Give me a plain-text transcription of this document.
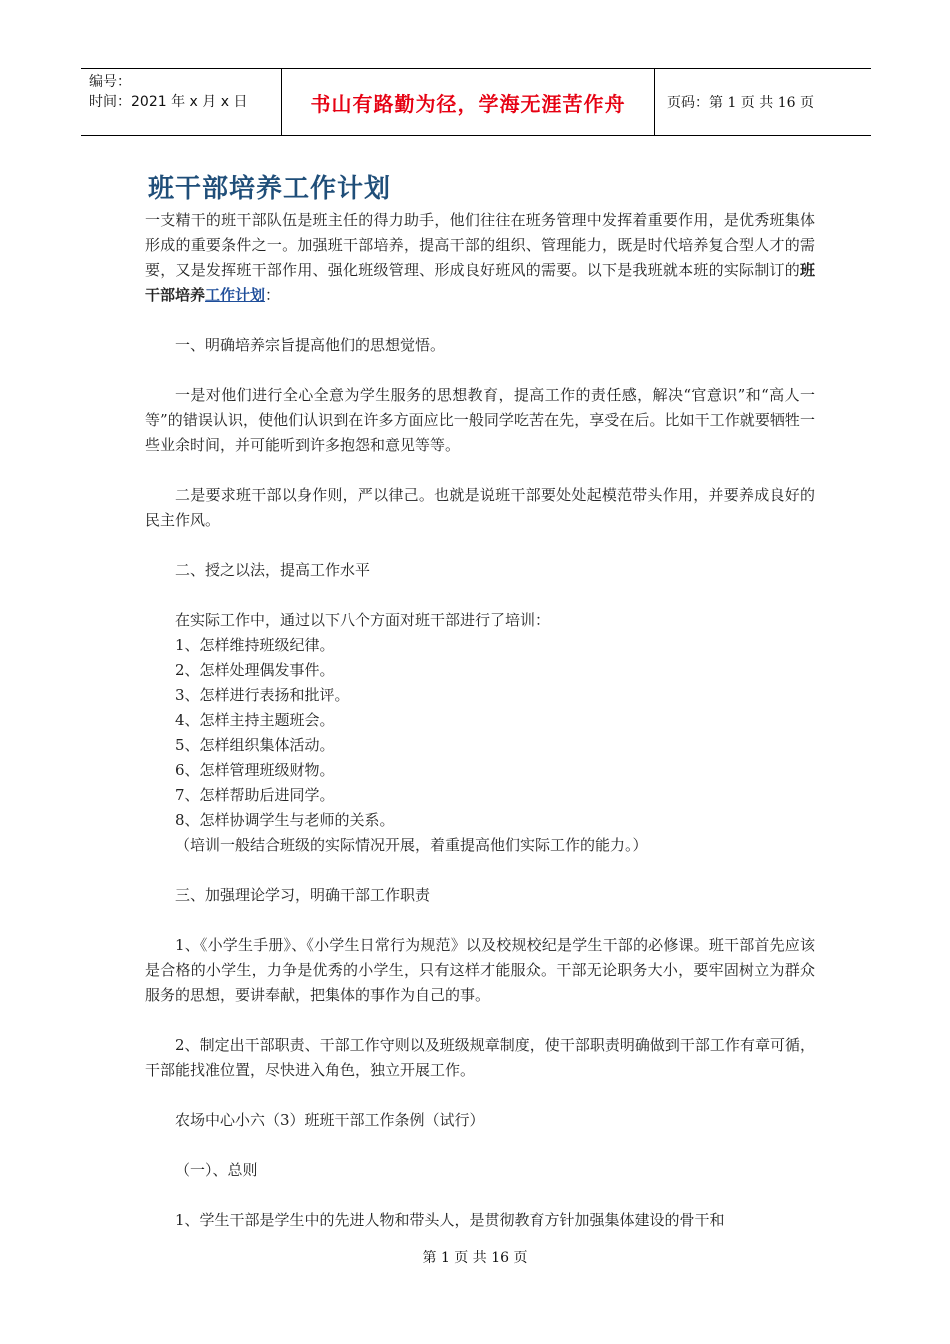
编号：
时间：2021 年 x 月 x 日	书山有路勤为径，学海无涯苦作舟	页码：第 1 页 共 16 页
班干部培养工作计划

一支精干的班干部队伍是班主任的得力助手，他们往往在班务管理中发挥着重要作用，是优秀班集体形成的重要条件之一。加强班干部培养，提高干部的组织、管理能力，既是时代培养复合型人才的需要，又是发挥班干部作用、强化班级管理、形成良好班风的需要。以下是我班就本班的实际制订的班干部培养工作计划：

一、明确培养宗旨提高他们的思想觉悟。

一是对他们进行全心全意为学生服务的思想教育，提高工作的责任感，解决“官意识”和“高人一等”的错误认识，使他们认识到在许多方面应比一般同学吃苦在先，享受在后。比如干工作就要牺牲一些业余时间，并可能听到许多抱怨和意见等等。

二是要求班干部以身作则，严以律己。也就是说班干部要处处起模范带头作用，并要养成良好的民主作风。

二、授之以法，提高工作水平

在实际工作中，通过以下八个方面对班干部进行了培训：

1、怎样维持班级纪律。

2、怎样处理偶发事件。

3、怎样进行表扬和批评。

4、怎样主持主题班会。

5、怎样组织集体活动。

6、怎样管理班级财物。

7、怎样帮助后进同学。

8、怎样协调学生与老师的关系。

（培训一般结合班级的实际情况开展，着重提高他们实际工作的能力。）

三、加强理论学习，明确干部工作职责

1、《小学生手册》、《小学生日常行为规范》以及校规校纪是学生干部的必修课。班干部首先应该是合格的小学生，力争是优秀的小学生，只有这样才能服众。干部无论职务大小，要牢固树立为群众服务的思想，要讲奉献，把集体的事作为自己的事。

2、制定出干部职责、干部工作守则以及班级规章制度，使干部职责明确做到干部工作有章可循，干部能找准位置，尽快进入角色，独立开展工作。

农场中心小六（3）班班干部工作条例（试行）

（一）、总则

1、学生干部是学生中的先进人物和带头人，是贯彻教育方针加强集体建设的骨干和

第 1 页 共 16 页
